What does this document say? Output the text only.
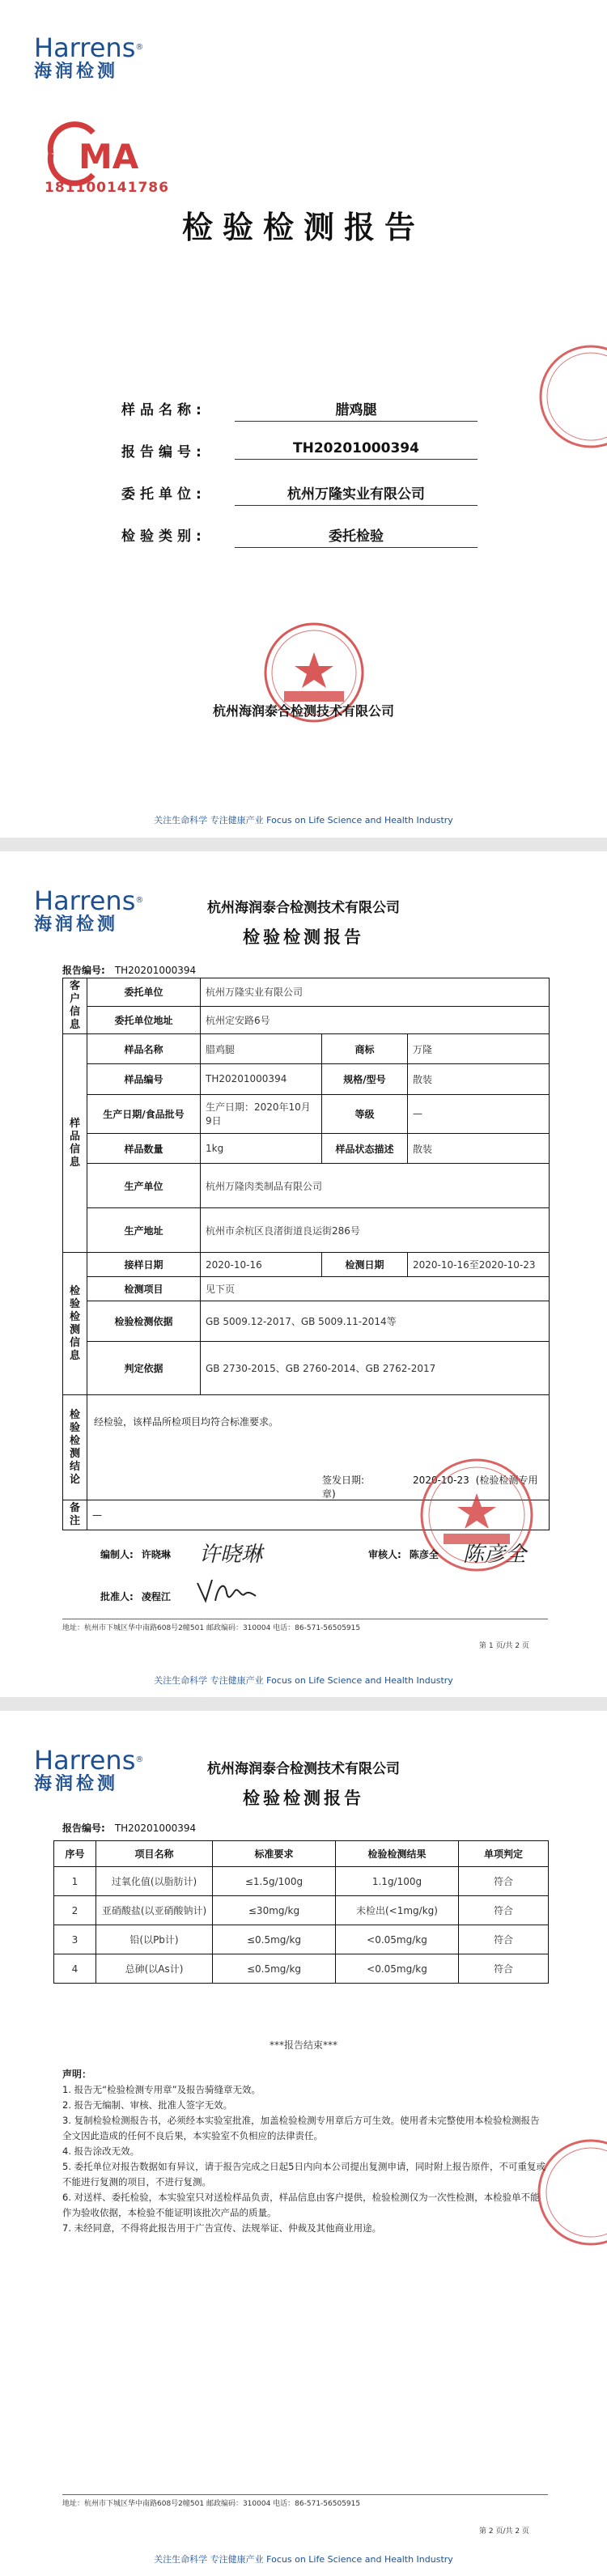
Harrens®
海润检测
MA
181100141786
检验检测报告
样品名称:	腊鸡腿
报告编号:	TH20201000394
委托单位:	杭州万隆实业有限公司
检验类别:	委托检验
杭州海润泰合检测技术有限公司
关注生命科学 专注健康产业 Focus on Life Science and Health Industry
Harrens®
海润检测
杭州海润泰合检测技术有限公司
检验检测报告
报告编号: TH20201000394
客户信息	委托单位	杭州万隆实业有限公司		
	委托单位地址	杭州定安路6号		
样品信息	样品名称	腊鸡腿	商标	万隆
	样品编号	TH20201000394	规格/型号	散装
	生产日期/食品批号	生产日期：2020年10月9日	等级	—
	样品数量	1kg	样品状态描述	散装
	生产单位	杭州万隆肉类制品有限公司		
	生产地址	杭州市余杭区良渚街道良运街286号		
检验检测信息	接样日期	2020-10-16	检测日期	2020-10-16至2020-10-23
	检测项目	见下页		
	检验检测依据	GB 5009.12-2017、GB 5009.11-2014等		
	判定依据	GB 2730-2015、GB 2760-2014、GB 2762-2017		
检验检测结论	经检验，该样品所检项目均符合标准要求。
签发日期: 2020-10-23 (检验检测专用章)			

备注	—			
编制人: 许晓琳 许晓琳	审核人: 陈彦全 陈彦全
批准人: 凌程江
地址：杭州市下城区华中南路608号2幢501 邮政编码：310004 电话：86-571-56505915
第 1 页/共 2 页
关注生命科学 专注健康产业 Focus on Life Science and Health Industry
Harrens®
海润检测
杭州海润泰合检测技术有限公司
检验检测报告
报告编号: TH20201000394
序号	项目名称	标准要求	检验检测结果	单项判定
1	过氧化值(以脂肪计)	≤1.5g/100g	1.1g/100g	符合
2	亚硝酸盐(以亚硝酸钠计)	≤30mg/kg	未检出(<1mg/kg)	符合
3	铅(以Pb计)	≤0.5mg/kg	<0.05mg/kg	符合
4	总砷(以As计)	≤0.5mg/kg	<0.05mg/kg	符合
***报告结束***
声明：
1. 报告无“检验检测专用章”及报告骑缝章无效。
2. 报告无编制、审核、批准人签字无效。
3. 复制检验检测报告书，必须经本实验室批准，加盖检验检测专用章后方可生效。使用者未完整使用本检验检测报告全文因此造成的任何不良后果，本实验室不负相应的法律责任。
4. 报告涂改无效。
5. 委托单位对报告数据如有异议，请于报告完成之日起5日内向本公司提出复测申请，同时附上报告原件，不可重复或不能进行复测的项目，不进行复测。
6. 对送样、委托检验，本实验室只对送检样品负责，样品信息由客户提供，检验检测仅为一次性检测，本检验单不能作为验收依据，本检验不能证明该批次产品的质量。
7. 未经同意，不得将此报告用于广告宣传、法规举证、仲裁及其他商业用途。
地址：杭州市下城区华中南路608号2幢501 邮政编码：310004 电话：86-571-56505915
第 2 页/共 2 页
关注生命科学 专注健康产业 Focus on Life Science and Health Industry
